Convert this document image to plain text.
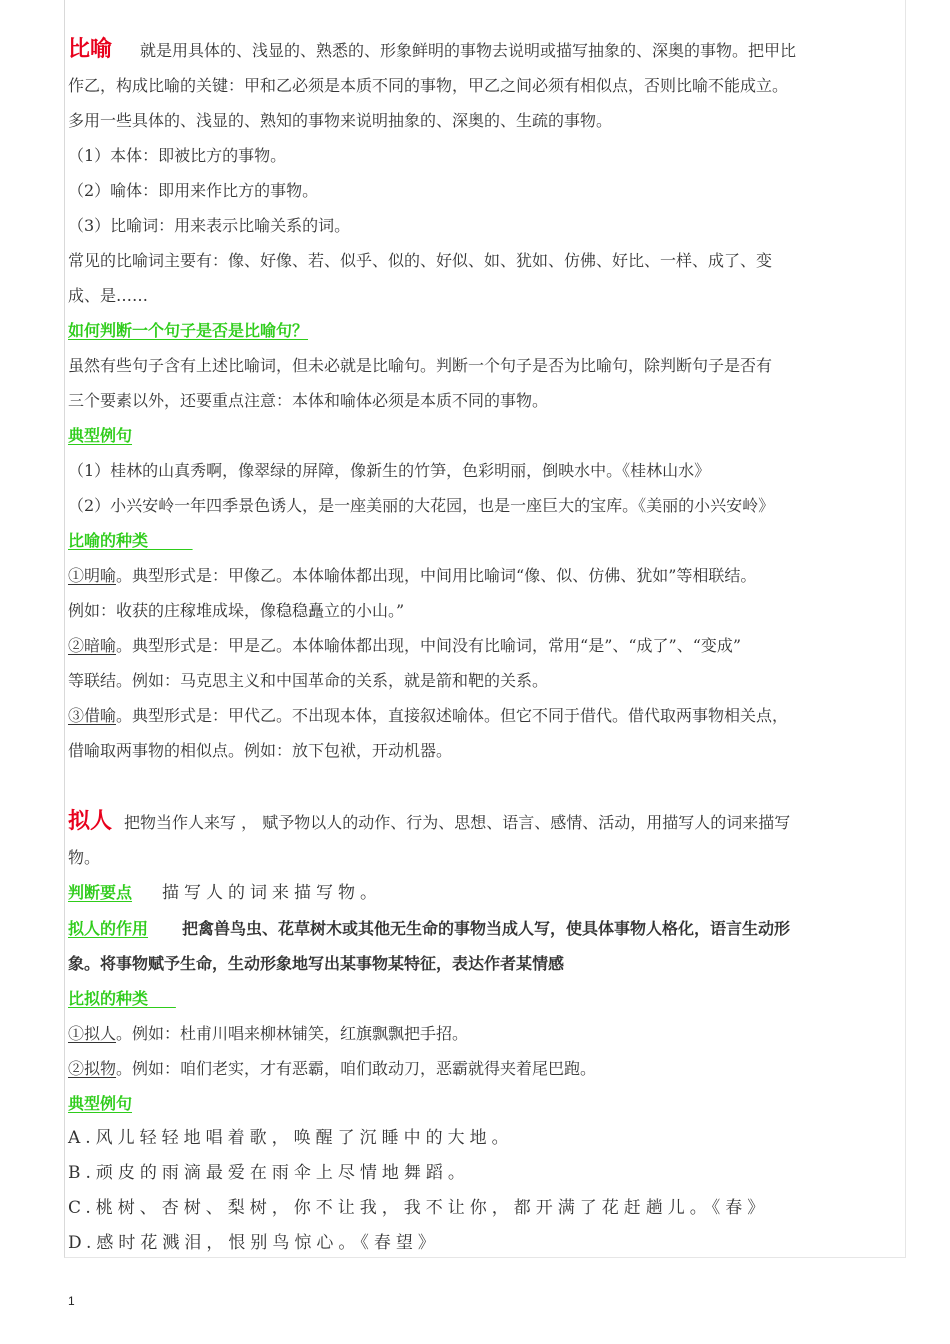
比喻 就是用具体的、浅显的、熟悉的、形象鲜明的事物去说明或描写抽象的、深奥的事物。把甲比

作乙，构成比喻的关键：甲和乙必须是本质不同的事物，甲乙之间必须有相似点，否则比喻不能成立。

多用一些具体的、浅显的、熟知的事物来说明抽象的、深奥的、生疏的事物。

（1）本体：即被比方的事物。

（2）喻体：即用来作比方的事物。

（3）比喻词：用来表示比喻关系的词。

常见的比喻词主要有：像、好像、若、似乎、似的、好似、如、犹如、仿佛、好比、一样、成了、变

成、是……

如何判断一个句子是否是比喻句？

虽然有些句子含有上述比喻词，但未必就是比喻句。判断一个句子是否为比喻句，除判断句子是否有

三个要素以外，还要重点注意：本体和喻体必须是本质不同的事物。

典型例句

（1）桂林的山真秀啊，像翠绿的屏障，像新生的竹笋，色彩明丽，倒映水中。《桂林山水》

（2）小兴安岭一年四季景色诱人，是一座美丽的大花园，也是一座巨大的宝库。《美丽的小兴安岭》

比喻的种类

①明喻。典型形式是：甲像乙。本体喻体都出现，中间用比喻词“像、似、仿佛、犹如”等相联结。

例如：收获的庄稼堆成垛，像稳稳矗立的小山。”

②暗喻。典型形式是：甲是乙。本体喻体都出现，中间没有比喻词，常用“是”、“成了”、“变成”

等联结。例如：马克思主义和中国革命的关系，就是箭和靶的关系。

③借喻。典型形式是：甲代乙。不出现本体，直接叙述喻体。但它不同于借代。借代取两事物相关点，

借喻取两事物的相似点。例如：放下包袱，开动机器。

拟人 把物当作人来写 ， 赋予物以人的动作、行为、思想、语言、感情、活动，用描写人的词来描写

物。

判断要点 描写人的词来描写物。

拟人的作用 把禽兽鸟虫、花草树木或其他无生命的事物当成人写，使具体事物人格化，语言生动形

象。将事物赋予生命，生动形象地写出某事物某特征，表达作者某情感

比拟的种类

①拟人。例如：杜甫川唱来柳林铺笑，红旗飘飘把手招。

②拟物。例如：咱们老实，才有恶霸，咱们敢动刀，恶霸就得夹着尾巴跑。

典型例句

A.风儿轻轻地唱着歌，唤醒了沉睡中的大地。

B.顽皮的雨滴最爱在雨伞上尽情地舞蹈。

C.桃树、杏树、梨树，你不让我，我不让你，都开满了花赶趟儿。《春》

D.感时花溅泪，恨别鸟惊心。《春望》

1
